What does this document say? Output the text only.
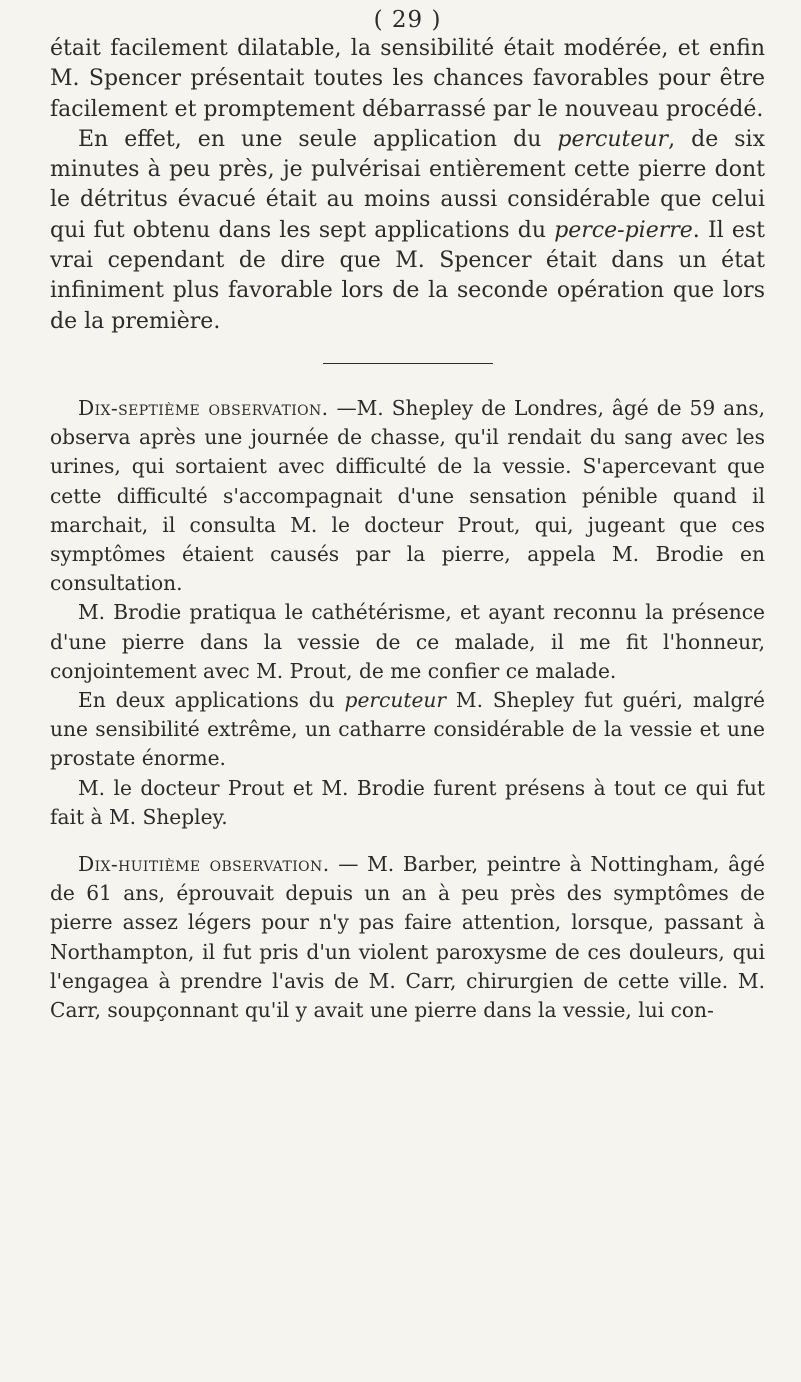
( 29 )

était facilement dilatable, la sensibilité était modérée, et enfin M. Spencer présentait toutes les chances favorables pour être facilement et promptement débarrassé par le nouveau procédé.

En effet, en une seule application du percuteur, de six minutes à peu près, je pulvérisai entièrement cette pierre dont le détritus évacué était au moins aussi considérable que celui qui fut obtenu dans les sept applications du perce-pierre. Il est vrai cependant de dire que M. Spencer était dans un état infiniment plus favorable lors de la seconde opération que lors de la première.

Dix-septième observation. —M. Shepley de Londres, âgé de 59 ans, observa après une journée de chasse, qu'il rendait du sang avec les urines, qui sortaient avec difficulté de la vessie. S'apercevant que cette difficulté s'accompagnait d'une sensation pénible quand il marchait, il consulta M. le docteur Prout, qui, jugeant que ces symptômes étaient causés par la pierre, appela M. Brodie en consultation.

M. Brodie pratiqua le cathétérisme, et ayant reconnu la présence d'une pierre dans la vessie de ce malade, il me fit l'honneur, conjointement avec M. Prout, de me confier ce malade.

En deux applications du percuteur M. Shepley fut guéri, malgré une sensibilité extrême, un catharre considérable de la vessie et une prostate énorme.

M. le docteur Prout et M. Brodie furent présens à tout ce qui fut fait à M. Shepley.

Dix-huitième observation. — M. Barber, peintre à Nottingham, âgé de 61 ans, éprouvait depuis un an à peu près des symptômes de pierre assez légers pour n'y pas faire attention, lorsque, passant à Northampton, il fut pris d'un violent paroxysme de ces douleurs, qui l'engagea à prendre l'avis de M. Carr, chirurgien de cette ville. M. Carr, soupçonnant qu'il y avait une pierre dans la vessie, lui con-
